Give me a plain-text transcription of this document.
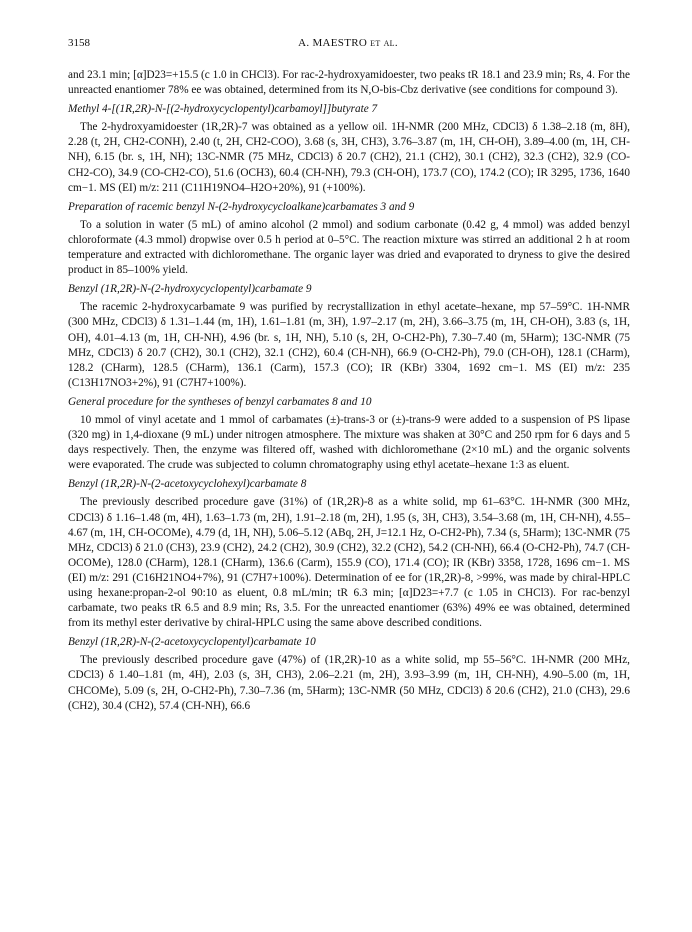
3158	A. MAESTRO et al.

and 23.1 min; [α]D23=+15.5 (c 1.0 in CHCl3). For rac-2-hydroxyamidoester, two peaks tR 18.1 and 23.9 min; Rs, 4. For the unreacted enantiomer 78% ee was obtained, determined from its N,O-bis-Cbz derivative (see conditions for compound 3).

Methyl 4-[(1R,2R)-N-[(2-hydroxycyclopentyl)carbamoyl]]butyrate 7

The 2-hydroxyamidoester (1R,2R)-7 was obtained as a yellow oil. 1H-NMR (200 MHz, CDCl3) δ 1.38–2.18 (m, 8H), 2.28 (t, 2H, CH2-CONH), 2.40 (t, 2H, CH2-COO), 3.68 (s, 3H, CH3), 3.76–3.87 (m, 1H, CH-OH), 3.89–4.00 (m, 1H, CH-NH), 6.15 (br. s, 1H, NH); 13C-NMR (75 MHz, CDCl3) δ 20.7 (CH2), 21.1 (CH2), 30.1 (CH2), 32.3 (CH2), 32.9 (CO-CH2-CO), 34.9 (CO-CH2-CO), 51.6 (OCH3), 60.4 (CH-NH), 79.3 (CH-OH), 173.7 (CO), 174.2 (CO); IR 3295, 1736, 1640 cm−1. MS (EI) m/z: 211 (C11H19NO4–H2O+20%), 91 (+100%).

Preparation of racemic benzyl N-(2-hydroxycycloalkane)carbamates 3 and 9

To a solution in water (5 mL) of amino alcohol (2 mmol) and sodium carbonate (0.42 g, 4 mmol) was added benzyl chloroformate (4.3 mmol) dropwise over 0.5 h period at 0–5°C. The reaction mixture was stirred an additional 2 h at room temperature and extracted with dichloromethane. The organic layer was dried and evaporated to dryness to give the desired product in 85–100% yield.

Benzyl (1R,2R)-N-(2-hydroxycyclopentyl)carbamate 9

The racemic 2-hydroxycarbamate 9 was purified by recrystallization in ethyl acetate–hexane, mp 57–59°C. 1H-NMR (300 MHz, CDCl3) δ 1.31–1.44 (m, 1H), 1.61–1.81 (m, 3H), 1.97–2.17 (m, 2H), 3.66–3.75 (m, 1H, CH-OH), 3.83 (s, 1H, OH), 4.01–4.13 (m, 1H, CH-NH), 4.96 (br. s, 1H, NH), 5.10 (s, 2H, O-CH2-Ph), 7.30–7.40 (m, 5Harm); 13C-NMR (75 MHz, CDCl3) δ 20.7 (CH2), 30.1 (CH2), 32.1 (CH2), 60.4 (CH-NH), 66.9 (O-CH2-Ph), 79.0 (CH-OH), 128.1 (CHarm), 128.2 (CHarm), 128.5 (CHarm), 136.1 (Carm), 157.3 (CO); IR (KBr) 3304, 1692 cm−1. MS (EI) m/z: 235 (C13H17NO3+2%), 91 (C7H7+100%).

General procedure for the syntheses of benzyl carbamates 8 and 10

10 mmol of vinyl acetate and 1 mmol of carbamates (±)-trans-3 or (±)-trans-9 were added to a suspension of PS lipase (320 mg) in 1,4-dioxane (9 mL) under nitrogen atmosphere. The mixture was shaken at 30°C and 250 rpm for 6 days and 5 days respectively. Then, the enzyme was filtered off, washed with dichloromethane (2×10 mL) and the organic solvents were evaporated. The crude was subjected to column chromatography using ethyl acetate–hexane 1:3 as eluent.

Benzyl (1R,2R)-N-(2-acetoxycyclohexyl)carbamate 8

The previously described procedure gave (31%) of (1R,2R)-8 as a white solid, mp 61–63°C. 1H-NMR (300 MHz, CDCl3) δ 1.16–1.48 (m, 4H), 1.63–1.73 (m, 2H), 1.91–2.18 (m, 2H), 1.95 (s, 3H, CH3), 3.54–3.68 (m, 1H, CH-NH), 4.55–4.67 (m, 1H, CH-OCOMe), 4.79 (d, 1H, NH), 5.06–5.12 (ABq, 2H, J=12.1 Hz, O-CH2-Ph), 7.34 (s, 5Harm); 13C-NMR (75 MHz, CDCl3) δ 21.0 (CH3), 23.9 (CH2), 24.2 (CH2), 30.9 (CH2), 32.2 (CH2), 54.2 (CH-NH), 66.4 (O-CH2-Ph), 74.7 (CH-OCOMe), 128.0 (CHarm), 128.1 (CHarm), 136.6 (Carm), 155.9 (CO), 171.4 (CO); IR (KBr) 3358, 1728, 1696 cm−1. MS (EI) m/z: 291 (C16H21NO4+7%), 91 (C7H7+100%). Determination of ee for (1R,2R)-8, >99%, was made by chiral-HPLC using hexane:propan-2-ol 90:10 as eluent, 0.8 mL/min; tR 6.3 min; [α]D23=+7.7 (c 1.05 in CHCl3). For rac-benzyl carbamate, two peaks tR 6.5 and 8.9 min; Rs, 3.5. For the unreacted enantiomer (63%) 49% ee was obtained, determined from its methyl ester derivative by chiral-HPLC using the same above described conditions.

Benzyl (1R,2R)-N-(2-acetoxycyclopentyl)carbamate 10

The previously described procedure gave (47%) of (1R,2R)-10 as a white solid, mp 55–56°C. 1H-NMR (200 MHz, CDCl3) δ 1.40–1.81 (m, 4H), 2.03 (s, 3H, CH3), 2.06–2.21 (m, 2H), 3.93–3.99 (m, 1H, CH-NH), 4.90–5.00 (m, 1H, CHCOMe), 5.09 (s, 2H, O-CH2-Ph), 7.30–7.36 (m, 5Harm); 13C-NMR (50 MHz, CDCl3) δ 20.6 (CH2), 21.0 (CH3), 29.6 (CH2), 30.4 (CH2), 57.4 (CH-NH), 66.6
